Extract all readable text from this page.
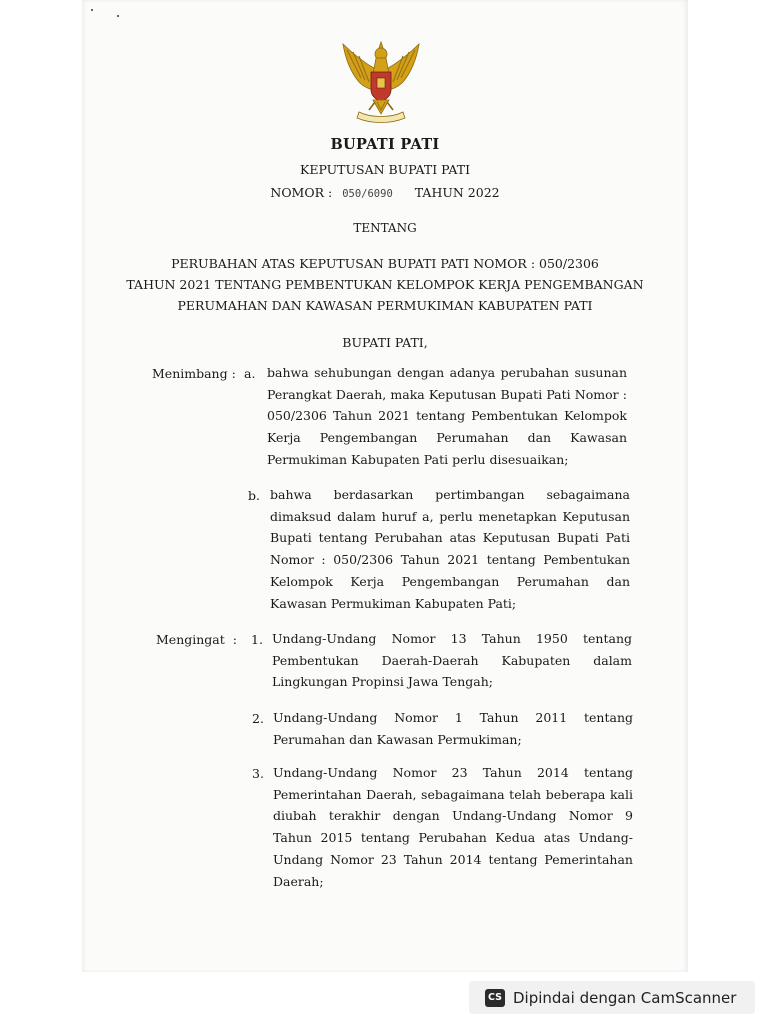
BUPATI PATI
KEPUTUSAN BUPATI PATI
NOMOR : 050/6090 TAHUN 2022
TENTANG
PERUBAHAN ATAS KEPUTUSAN BUPATI PATI NOMOR : 050/2306
TAHUN 2021 TENTANG PEMBENTUKAN KELOMPOK KERJA PENGEMBANGAN
PERUMAHAN DAN KAWASAN PERMUKIMAN KABUPATEN PATI
BUPATI PATI,
Menimbang : a. bahwa sehubungan dengan adanya perubahan susunan Perangkat Daerah, maka Keputusan Bupati Pati Nomor : 050/2306 Tahun 2021 tentang Pembentukan Kelompok Kerja Pengembangan Perumahan dan Kawasan Permukiman Kabupaten Pati perlu disesuaikan;
b. bahwa berdasarkan pertimbangan sebagaimana dimaksud dalam huruf a, perlu menetapkan Keputusan Bupati tentang Perubahan atas Keputusan Bupati Pati Nomor : 050/2306 Tahun 2021 tentang Pembentukan Kelompok Kerja Pengembangan Perumahan dan Kawasan Permukiman Kabupaten Pati;
Mengingat  : 1. Undang-Undang Nomor 13 Tahun 1950 tentang Pembentukan Daerah-Daerah Kabupaten dalam Lingkungan Propinsi Jawa Tengah;
2. Undang-Undang Nomor 1 Tahun 2011 tentang Perumahan dan Kawasan Permukiman;
3. Undang-Undang Nomor 23 Tahun 2014 tentang Pemerintahan Daerah, sebagaimana telah beberapa kali diubah terakhir dengan Undang-Undang Nomor 9 Tahun 2015 tentang Perubahan Kedua atas Undang-Undang Nomor 23 Tahun 2014 tentang Pemerintahan Daerah;
CS Dipindai dengan CamScanner
